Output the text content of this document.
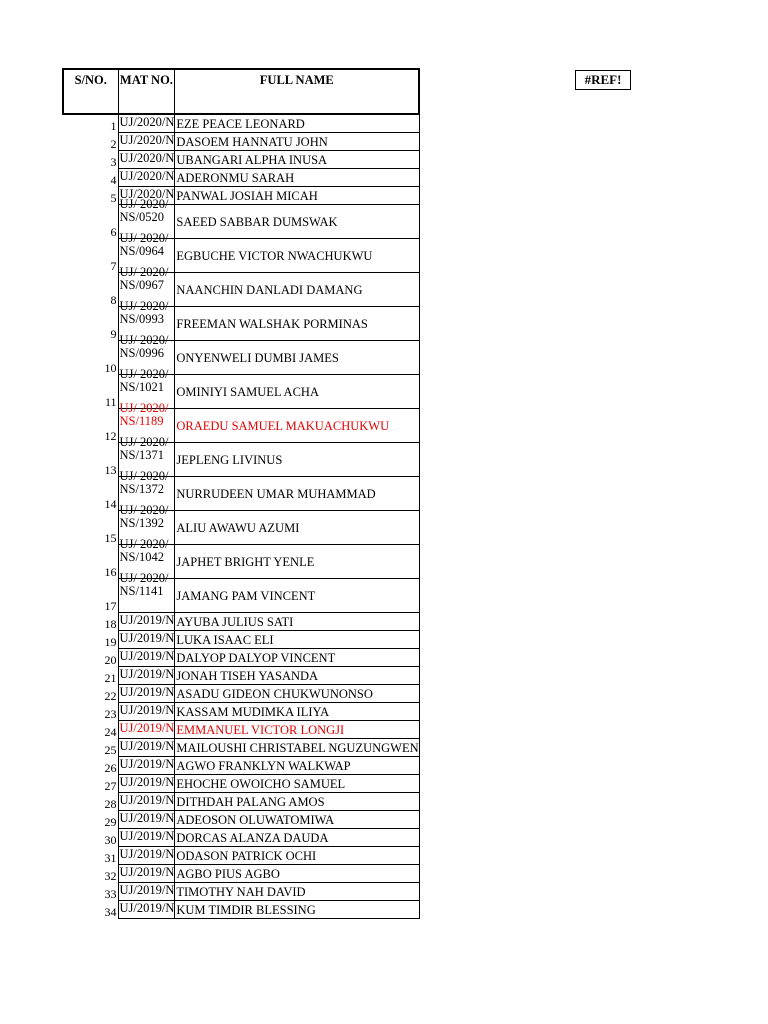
S/NO.	MAT NO.	FULL NAME
1	UJ/2020/N	EZE PEACE LEONARD
2	UJ/2020/N	DASOEM HANNATU JOHN
3	UJ/2020/N	UBANGARI ALPHA INUSA
4	UJ/2020/N	ADERONMU SARAH
5	UJ/2020/N	PANWAL JOSIAH MICAH
6	UJ/ 2020/ NS/0520	SAEED SABBAR DUMSWAK
7	UJ/ 2020/ NS/0964	EGBUCHE VICTOR NWACHUKWU
8	UJ/ 2020/ NS/0967	NAANCHIN DANLADI DAMANG
9	UJ/ 2020/ NS/0993	FREEMAN WALSHAK PORMINAS
10	UJ/ 2020/ NS/0996	ONYENWELI DUMBI JAMES
11	UJ/ 2020/ NS/1021	OMINIYI SAMUEL ACHA
12	UJ/ 2020/ NS/1189	ORAEDU SAMUEL MAKUACHUKWU
13	UJ/ 2020/ NS/1371	JEPLENG LIVINUS
14	UJ/ 2020/ NS/1372	NURRUDEEN UMAR MUHAMMAD
15	UJ/ 2020/ NS/1392	ALIU AWAWU AZUMI
16	UJ/ 2020/ NS/1042	JAPHET BRIGHT YENLE
17	UJ/ 2020/ NS/1141	JAMANG PAM VINCENT
18	UJ/2019/N	AYUBA JULIUS SATI
19	UJ/2019/N	LUKA ISAAC ELI
20	UJ/2019/N	DALYOP DALYOP VINCENT
21	UJ/2019/N	JONAH TISEH YASANDA
22	UJ/2019/N	ASADU GIDEON CHUKWUNONSO
23	UJ/2019/N	KASSAM MUDIMKA ILIYA
24	UJ/2019/N	EMMANUEL VICTOR LONGJI
25	UJ/2019/N	MAILOUSHI CHRISTABEL NGUZUNGWEN
26	UJ/2019/N	AGWO FRANKLYN WALKWAP
27	UJ/2019/N	EHOCHE OWOICHO SAMUEL
28	UJ/2019/N	DITHDAH PALANG AMOS
29	UJ/2019/N	ADEOSON OLUWATOMIWA
30	UJ/2019/N	DORCAS ALANZA DAUDA
31	UJ/2019/N	ODASON PATRICK OCHI
32	UJ/2019/N	AGBO PIUS AGBO
33	UJ/2019/N	TIMOTHY NAH DAVID
34	UJ/2019/N	KUM TIMDIR BLESSING
#REF!
